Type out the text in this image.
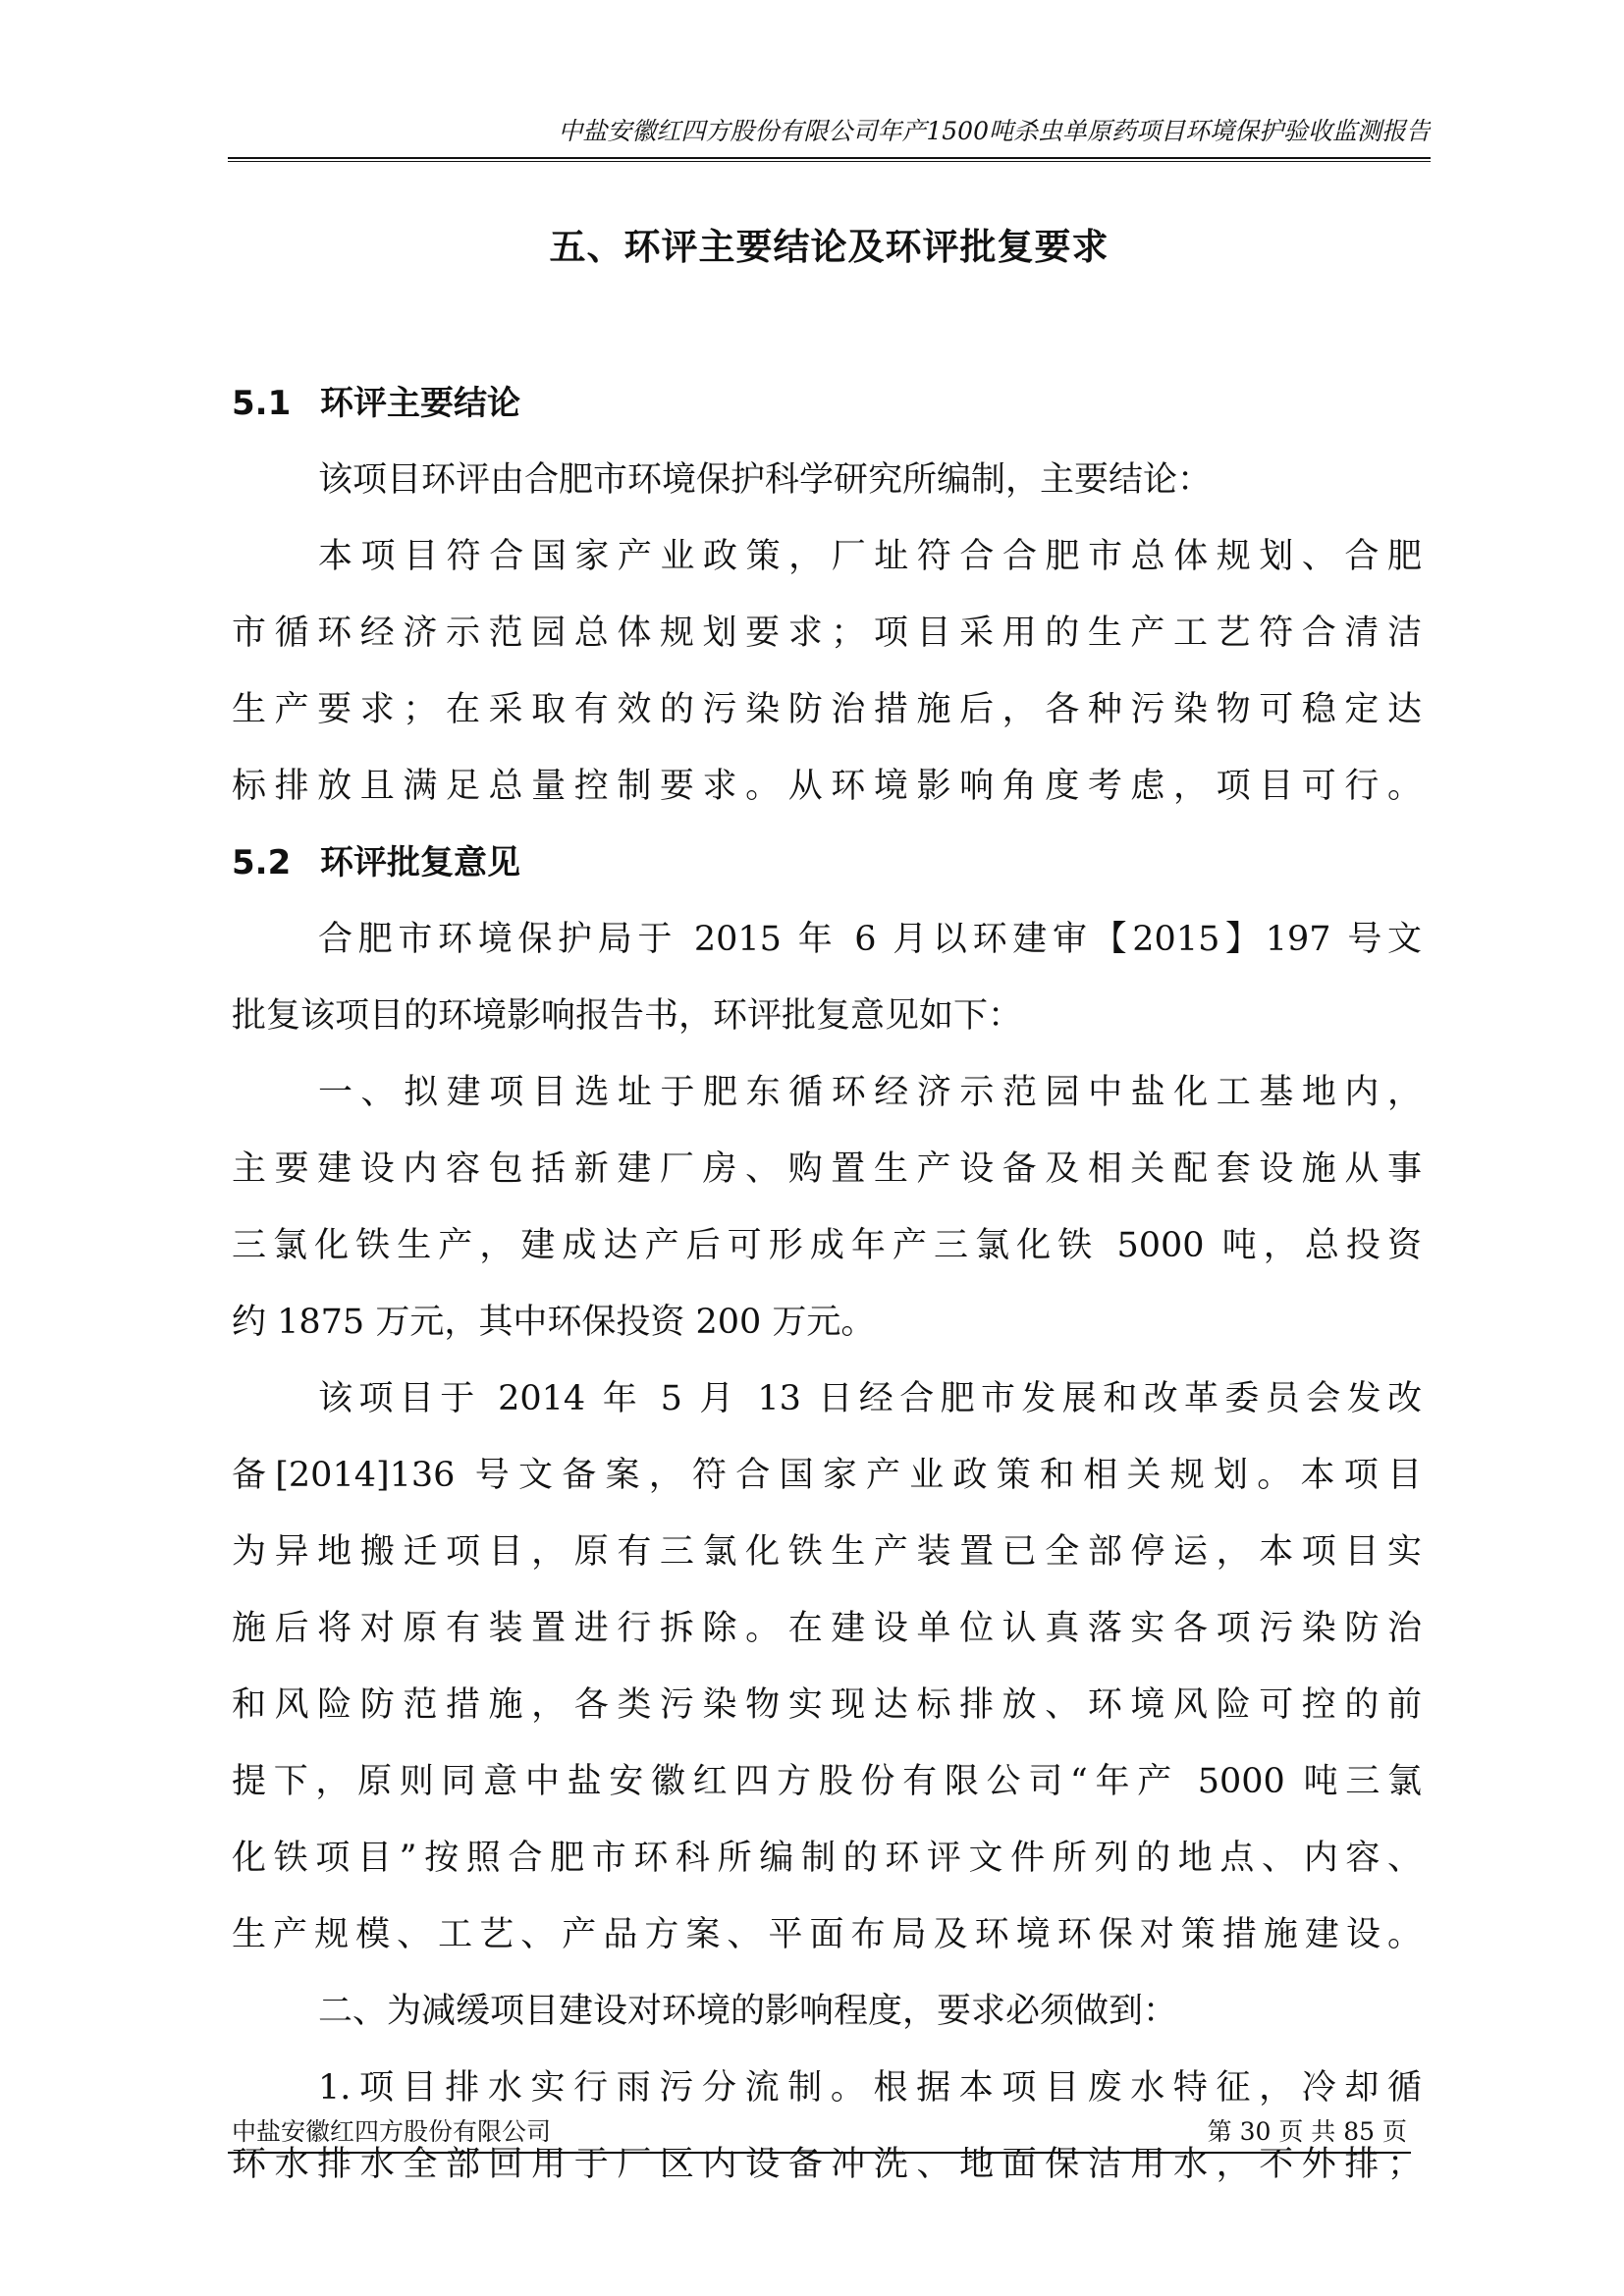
中盐安徽红四方股份有限公司年产1500吨杀虫单原药项目环境保护验收监测报告
五、环评主要结论及环评批复要求
5.1 环评主要结论
该项目环评由合肥市环境保护科学研究所编制，主要结论：
本项目符合国家产业政策，厂址符合合肥市总体规划、合肥
市循环经济示范园总体规划要求；项目采用的生产工艺符合清洁
生产要求；在采取有效的污染防治措施后，各种污染物可稳定达
标排放且满足总量控制要求。从环境影响角度考虑，项目可行。
5.2 环评批复意见
合肥市环境保护局于 2015 年 6 月以环建审【2015】197 号文
批复该项目的环境影响报告书，环评批复意见如下：
一、拟建项目选址于肥东循环经济示范园中盐化工基地内，
主要建设内容包括新建厂房、购置生产设备及相关配套设施从事
三氯化铁生产，建成达产后可形成年产三氯化铁 5000 吨，总投资
约 1875 万元，其中环保投资 200 万元。
该项目于 2014 年 5 月 13 日经合肥市发展和改革委员会发改
备[2014]136 号文备案，符合国家产业政策和相关规划。本项目
为异地搬迁项目，原有三氯化铁生产装置已全部停运，本项目实
施后将对原有装置进行拆除。在建设单位认真落实各项污染防治
和风险防范措施，各类污染物实现达标排放、环境风险可控的前
提下，原则同意中盐安徽红四方股份有限公司“年产 5000 吨三氯
化铁项目”按照合肥市环科所编制的环评文件所列的地点、内容、
生产规模、工艺、产品方案、平面布局及环境环保对策措施建设。
二、为减缓项目建设对环境的影响程度，要求必须做到：
1.项目排水实行雨污分流制。根据本项目废水特征，冷却循
环水排水全部回用于厂区内设备冲洗、地面保洁用水，不外排；
中盐安徽红四方股份有限公司	第 30 页 共 85 页
